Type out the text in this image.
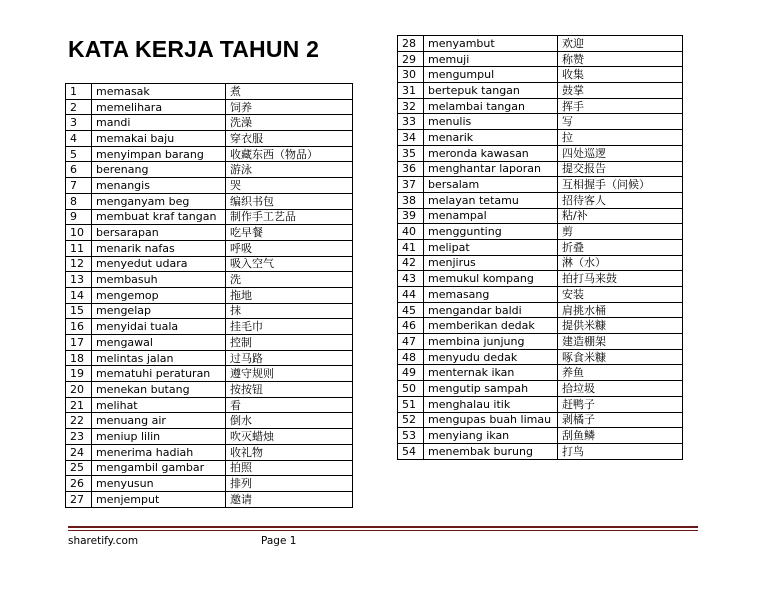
KATA KERJA TAHUN 2
1	memasak	煮
2	memelihara	饲养
3	mandi	洗澡
4	memakai baju	穿衣服
5	menyimpan barang	收藏东西（物品）
6	berenang	游泳
7	menangis	哭
8	menganyam beg	编织书包
9	membuat kraf tangan	制作手工艺品
10	bersarapan	吃早餐
11	menarik nafas	呼吸
12	menyedut udara	吸入空气
13	membasuh	洗
14	mengemop	拖地
15	mengelap	抹
16	menyidai tuala	挂毛巾
17	mengawal	控制
18	melintas jalan	过马路
19	mematuhi peraturan	遵守规则
20	menekan butang	按按钮
21	melihat	看
22	menuang air	倒水
23	meniup lilin	吹灭蜡烛
24	menerima hadiah	收礼物
25	mengambil gambar	拍照
26	menyusun	排列
27	menjemput	邀请
28	menyambut	欢迎
29	memuji	称赞
30	mengumpul	收集
31	bertepuk tangan	鼓掌
32	melambai tangan	挥手
33	menulis	写
34	menarik	拉
35	meronda kawasan	四处巡逻
36	menghantar laporan	提交报告
37	bersalam	互相握手（问候）
38	melayan tetamu	招待客人
39	menampal	粘/补
40	menggunting	剪
41	melipat	折叠
42	menjirus	淋（水）
43	memukul kompang	拍打马来鼓
44	memasang	安装
45	mengandar baldi	肩挑水桶
46	memberikan dedak	提供米糠
47	membina junjung	建造棚架
48	menyudu dedak	啄食米糠
49	menternak ikan	养鱼
50	mengutip sampah	拾垃圾
51	menghalau itik	赶鸭子
52	mengupas buah limau	剥橘子
53	menyiang ikan	刮鱼鳞
54	menembak burung	打鸟
sharetify.com	Page 1
